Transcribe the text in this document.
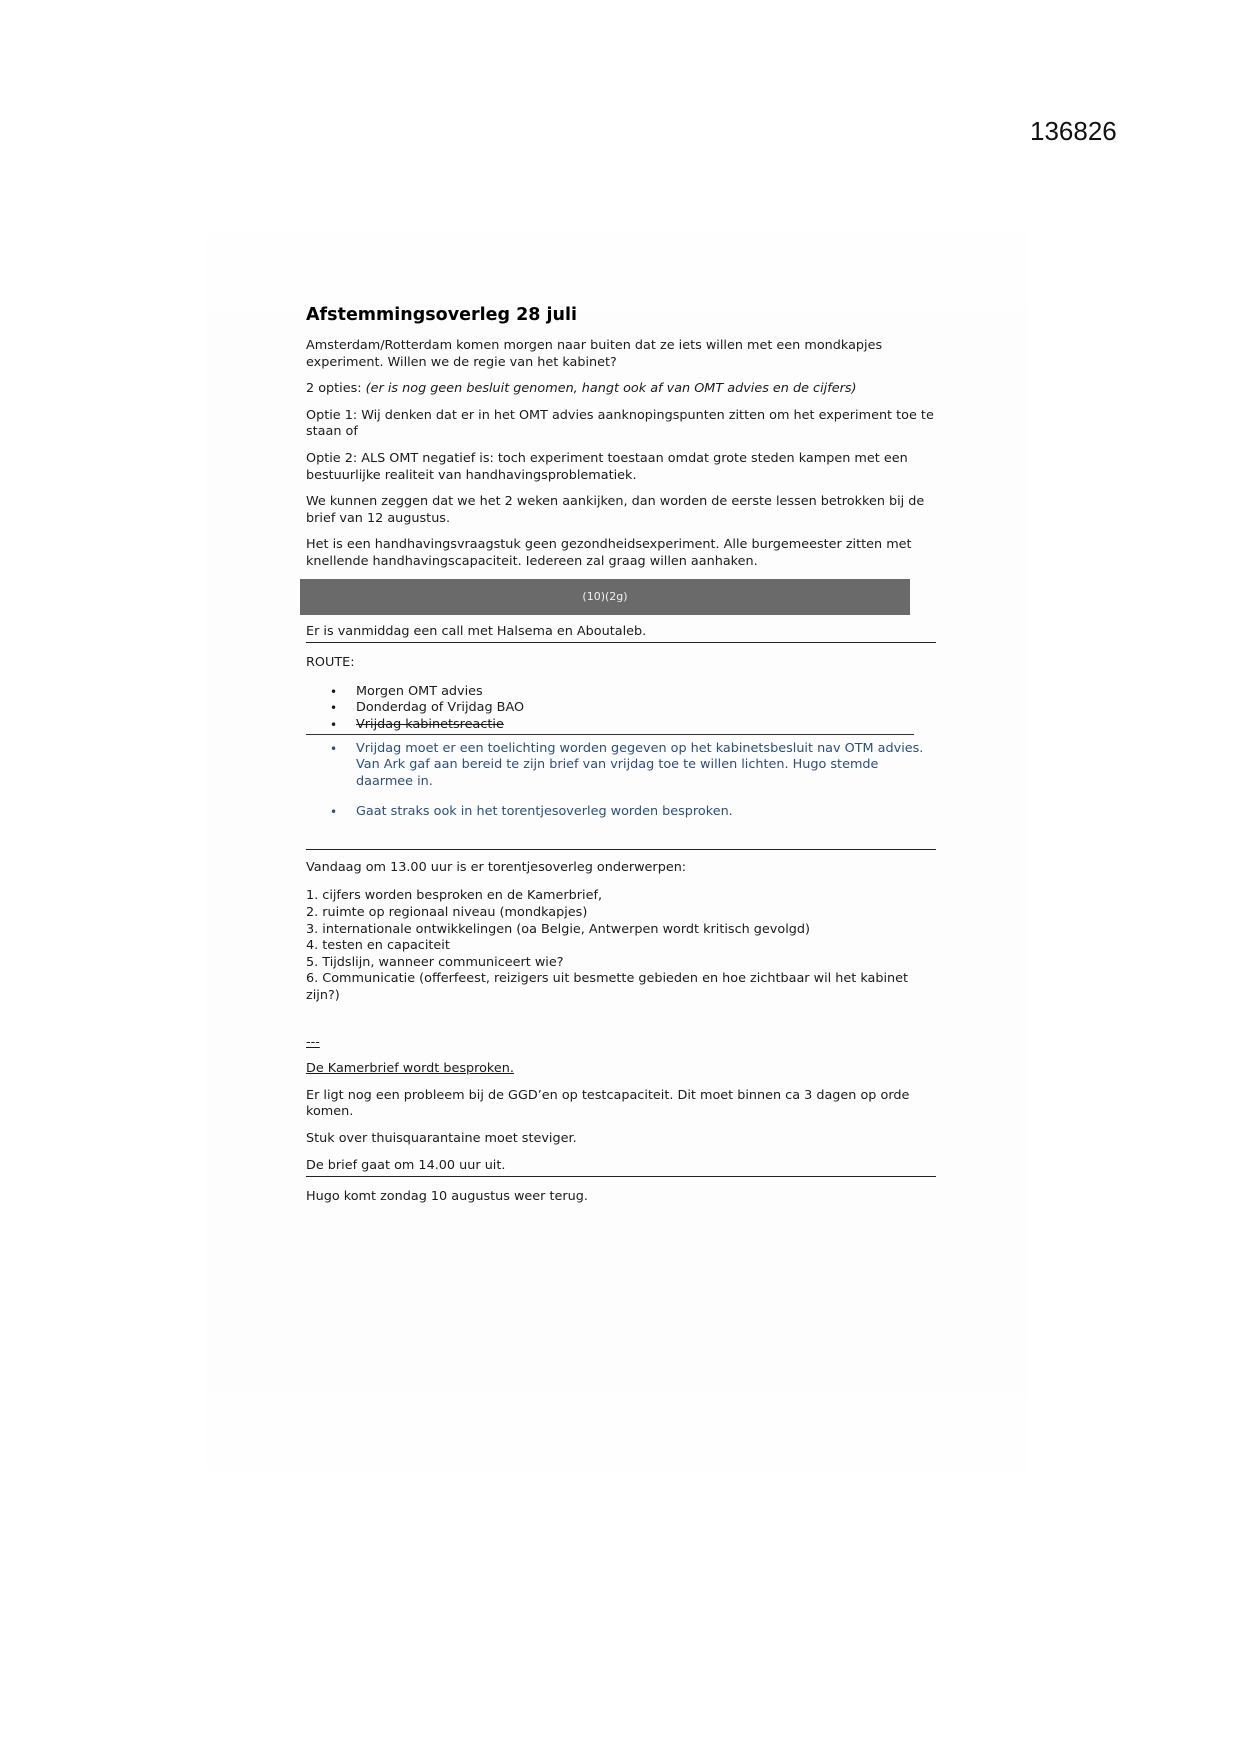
136826
Afstemmingsoverleg 28 juli

Amsterdam/Rotterdam komen morgen naar buiten dat ze iets willen met een mondkapjes experiment. Willen we de regie van het kabinet?

2 opties: (er is nog geen besluit genomen, hangt ook af van OMT advies en de cijfers)

Optie 1: Wij denken dat er in het OMT advies aanknopingspunten zitten om het experiment toe te staan of

Optie 2: ALS OMT negatief is: toch experiment toestaan omdat grote steden kampen met een bestuurlijke realiteit van handhavingsproblematiek.

We kunnen zeggen dat we het 2 weken aankijken, dan worden de eerste lessen betrokken bij de brief van 12 augustus.

Het is een handhavingsvraagstuk geen gezondheidsexperiment. Alle burgemeester zitten met knellende handhavingscapaciteit. Iedereen zal graag willen aanhaken.

(10)(2g)

Er is vanmiddag een call met Halsema en Aboutaleb.

ROUTE:

• Morgen OMT advies
• Donderdag of Vrijdag BAO
• Vrijdag kabinetsreactie
• Vrijdag moet er een toelichting worden gegeven op het kabinetsbesluit nav OTM advies. Van Ark gaf aan bereid te zijn brief van vrijdag toe te willen lichten. Hugo stemde daarmee in.
• Gaat straks ook in het torentjesoverleg worden besproken.

Vandaag om 13.00 uur is er torentjesoverleg onderwerpen:

1. cijfers worden besproken en de Kamerbrief,
2. ruimte op regionaal niveau (mondkapjes)
3. internationale ontwikkelingen (oa Belgie, Antwerpen wordt kritisch gevolgd)
4. testen en capaciteit
5. Tijdslijn, wanneer communiceert wie?
6. Communicatie (offerfeest, reizigers uit besmette gebieden en hoe zichtbaar wil het kabinet zijn?)

---

De Kamerbrief wordt besproken.

Er ligt nog een probleem bij de GGD’en op testcapaciteit. Dit moet binnen ca 3 dagen op orde komen.

Stuk over thuisquarantaine moet steviger.

De brief gaat om 14.00 uur uit.

Hugo komt zondag 10 augustus weer terug.
